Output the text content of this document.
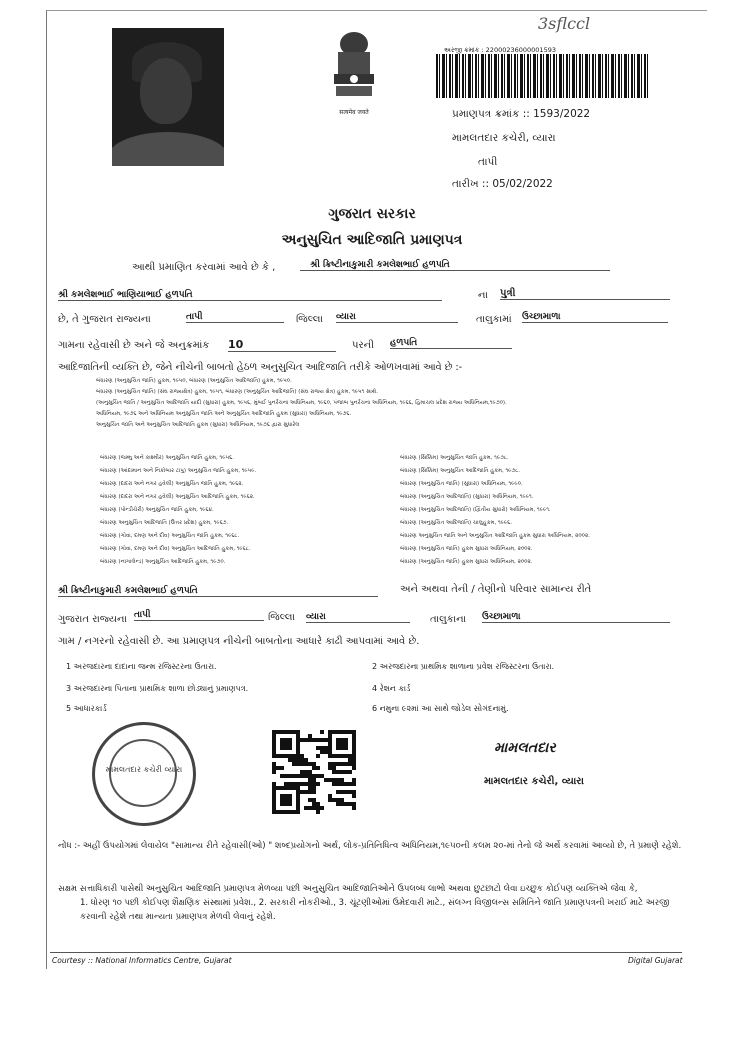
सत्यमेव जयते
3sflccl
અરજી ક્રમાંક : 22000236000001593
પ્રમાણપત્ર ક્રમાંક :: 1593/2022
મામલતદાર કચેરી, વ્યારા
તાપી
તારીખ :: 05/02/2022
ગુજરાત સરકાર
અનુસુચિત આદિજાતિ પ્રમાણપત્ર
આથી પ્રમાણિત કરવામાં આવે છે કે ,	શ્રી ક્રિષ્ટીનાકુમારી કમલેશભાઈ હળપતિ
શ્રી કમલેશભાઈ ભાણિયાભાઈ હળપતિ	ના પુત્રી
છે, તે ગુજરાત રાજ્યના	તાપી	જિલ્લા વ્યારા	તાલુકામાં ઉચ્છામાળા
ગામના રહેવાસી છે અને જે અનુક્રમાંક 10	પરની હળપતિ
આદિજાતિની વ્યક્તિ છે, જેને નીચેની બાબતો હેઠળ અનુસુચિત આદિજાતિ તરીકે ઓળખવામાં આવે છે :-
બંધારણ (અનુસુચિત જાતિ) હુકમ, ૧૯૫૦, બંધારણ (અનુસુચિત આદિજાતિ) હુકમ, ૧૯૫૦.
બંધારણ (અનુસુચિત જાતિ) (સંઘ રાજ્યક્ષેત્ર) હુકમ, ૧૯૫૧, બંધારણ (અનુસુચિત આદિજાતિ) (સંઘ રાજ્ય ક્ષેત્ર) હુકમ, ૧૯૫૧ સાથે.
(અનુસુચિત જાતિ / અનુસુચિત આદિજાતિ યાદી (સુધારા) હુકમ, ૧૯૫૬, મુંબઈ પુનર્રચના અધિનિયમ, ૧૯૬૦, પંજાબ પુનર્રચના અધિનિયમ, ૧૯૬૬, હિમાચલ પ્રદેશ રાજ્ય અધિનિયમ,૧૯૭૦).
અધિનિયમ, ૧૯૭૬ અને અધિનિયમ અનુસુચિત જાતિ અને અનુસુચિત આદિજાતિ હુકમ (સુધારા) અધિનિયમ, ૧૯૭૬.
અનુસુચિત જાતિ અને અનુસુચિત આદિજાતિ હુકમ (સુધારા) અધિનિયમ, ૧૯૭૬ દ્વારા સુધારેલ
બંધારણ (જમ્મુ અને કાશ્મીર) અનુસુચિત જાતિ હુકમ, ૧૯૫૬.
બંધારણ (આંદામાન અને નિકોબાર ટાપુ) અનુસુચિત જાતિ હુકમ, ૧૯૫૯.
બંધારણ (દાદરા અને નગર હવેલી) અનુસુચિત જાતિ હુકમ, ૧૯૬૨.
બંધારણ (દાદરા અને નગર હવેલી) અનુસુચિત આદિજાતિ હુકમ, ૧૯૬૨.
બંધારણ (પોન્ડીચેરી) અનુસુચિત જાતિ હુકમ, ૧૯૬૪.
બંધારણ અનુસુચિત આદિજાતિ (ઉત્તર પ્રદેશ) હુકમ, ૧૯૬૭.
બંધારણ (ગોવા, દમણ અને દીવ) અનુસુચિત જાતિ હુકમ, ૧૯૬૮.
બંધારણ (ગોવા, દમણ અને દીવ) અનુસુચિત આદિજાતિ હુકમ, ૧૯૬૮.
બંધારણ (નાગાલેન્ડ) અનુસુચિત આદિજાતિ હુકમ, ૧૯૭૦.
બંધારણ (સિક્કિમ) અનુસુચિત જાતિ હુકમ, ૧૯૭૮.
બંધારણ (સિક્કિમ) અનુસુચિત આદિજાતિ હુકમ, ૧૯૭૮.
બંધારણ (અનુસુચિત જાતિ) (સુધારા) અધિનિયમ, ૧૯૯૦.
બંધારણ (અનુસુચિત આદિજાતિ) (સુધારા) અધિનિયમ, ૧૯૯૧.
બંધારણ (અનુસુચિત આદિજાતિ) (દ્વિતીય સુધારો) અધિનિયમ, ૧૯૯૧.
બંધારણ (અનુસુચિત આદિજાતિ) ચાલુહુકમ, ૧૯૯૬.
બંધારણ અનુસુચિત જાતિ અને અનુસુચિત આદિજાતિ હુકમ સુધારા અધિનિયમ, ૨૦૦૨.
બંધારણ (અનુસુચિત જાતિ) હુકમ સુધારા અધિનિયમ, ૨૦૦૨.
બંધારણ (અનુસુચિત જાતિ) હુકમ સુધારા અધિનિયમ, ૨૦૦૨.
શ્રી ક્રિષ્ટીનાકુમારી કમલેશભાઈ હળપતિ	અને અથવા તેની / તેણીનો પરિવાર સામાન્ય રીતે
ગુજરાત રાજ્યના તાપી	જિલ્લા વ્યારા	તાલુકાના ઉચ્છામાળા
ગામ / નગરનો રહેવાસી છે. આ પ્રમાણપત્ર નીચેની બાબતોના આધારે કાઢી આપવામાં આવે છે.
1 અરજદારના દાદાના જન્મ રજિસ્ટરના ઉતારા.	2 અરજદારના પ્રાથમિક શાળાના પ્રવેશ રજિસ્ટરના ઉતારા.
3 અરજદારના પિતાના પ્રાથમિક શાળા છોડ્યાનું પ્રમાણપત્ર.	4 રેશન કાર્ડ
5 આધારકાર્ડ	6 નમુના ૯૨માં આ સાથે જોડેલ સોગંદનામું.
મામલતદાર કચેરી વ્યારા
મામલતદાર
મામલતદાર કચેરી, વ્યારા
નોંધ :- અહીં ઉપયોગમાં લેવાયેલ "સામાન્ય રીતે રહેવાસી(ઓ) " શબ્દપ્રયોગનો અર્થ, લોક-પ્રતિનિધિત્વ અધિનિયમ,૧૯૫૦ની કલમ ૨૦-માં તેનો જે અર્થે કરવામાં આવ્યો છે, તે પ્રમાણે રહેશે.
સક્ષમ સત્તાધિકારી પાસેથી અનુસુચિત આદિજાતિ પ્રમાણપત્ર મેળવ્યા પછી અનુસુચિત આદિજાતિઓને ઉપલબ્ધ લાભો અથવા છુટછાટો લેવા ઇચ્છુક કોઈપણ વ્યક્તિએ જેવા કે,
1. ધોરણ ૧૦ પછી કોઈપણ શૈક્ષણિક સંસ્થામાં પ્રવેશ., 2. સરકારી નોકરીઓ., 3. ચૂંટણીઓમાં ઉમેદવારી માટે., સંલગ્ન વિજીલન્સ સમિતિને જાતિ પ્રમાણપત્રની ખરાઈ માટે અરજી કરવાની રહેશે તથા માન્યતા પ્રમાણપત્ર મેળવી લેવાનું રહેશે.
Courtesy :: National Informatics Centre, Gujarat	Digital Gujarat
